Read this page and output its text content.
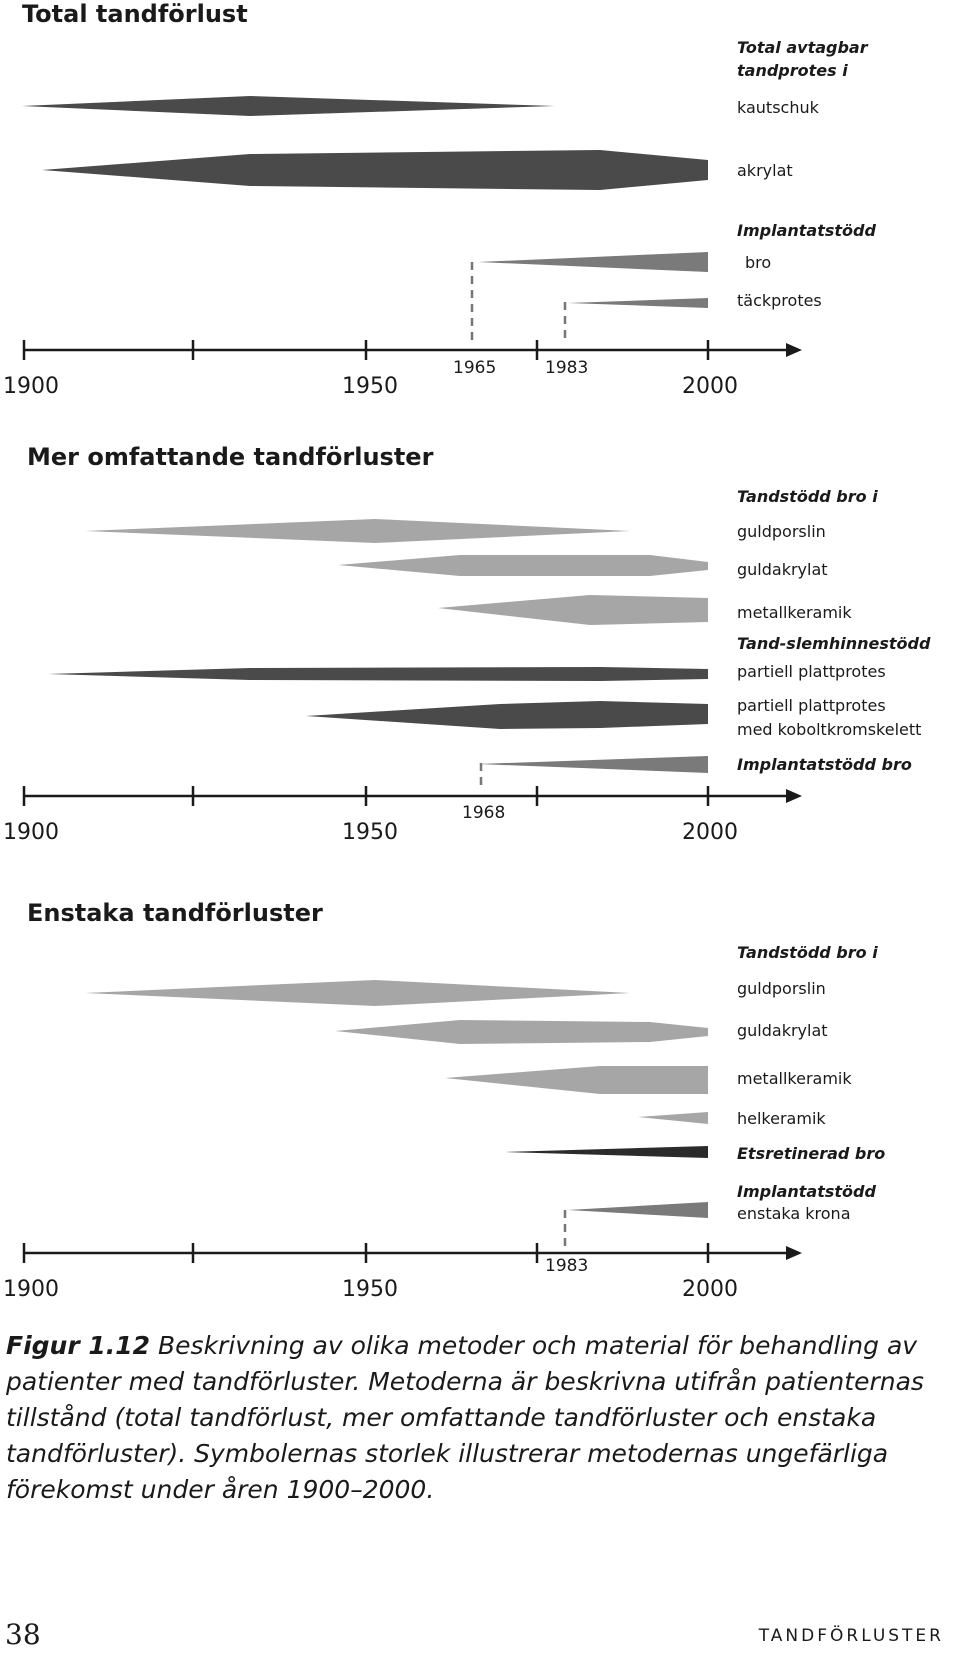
Total tandförlust
Total avtagbar
tandprotes i
kautschuk
akrylat
Implantatstödd
bro
täckprotes
1900	1950	2000
1965	1983
Mer omfattande tandförluster
Tandstödd bro i
guldporslin
guldakrylat
metallkeramik
Tand-slemhinnestödd
partiell plattprotes
partiell plattprotes
med koboltkromskelett
Implantatstödd bro
1900	1950	2000
1968
Enstaka tandförluster
Tandstödd bro i
guldporslin
guldakrylat
metallkeramik
helkeramik
Etsretinerad bro
Implantatstödd
enstaka krona
1900	1950	2000
1983
Figur 1.12 Beskrivning av olika metoder och material för behandling av patienter med tandförluster. Metoderna är beskrivna utifrån patienternas tillstånd (total tandförlust, mer omfattande tandförluster och enstaka tandförluster). Symbolernas storlek illustrerar metodernas ungefärliga förekomst under åren 1900–2000.
38	TANDFÖRLUSTER
